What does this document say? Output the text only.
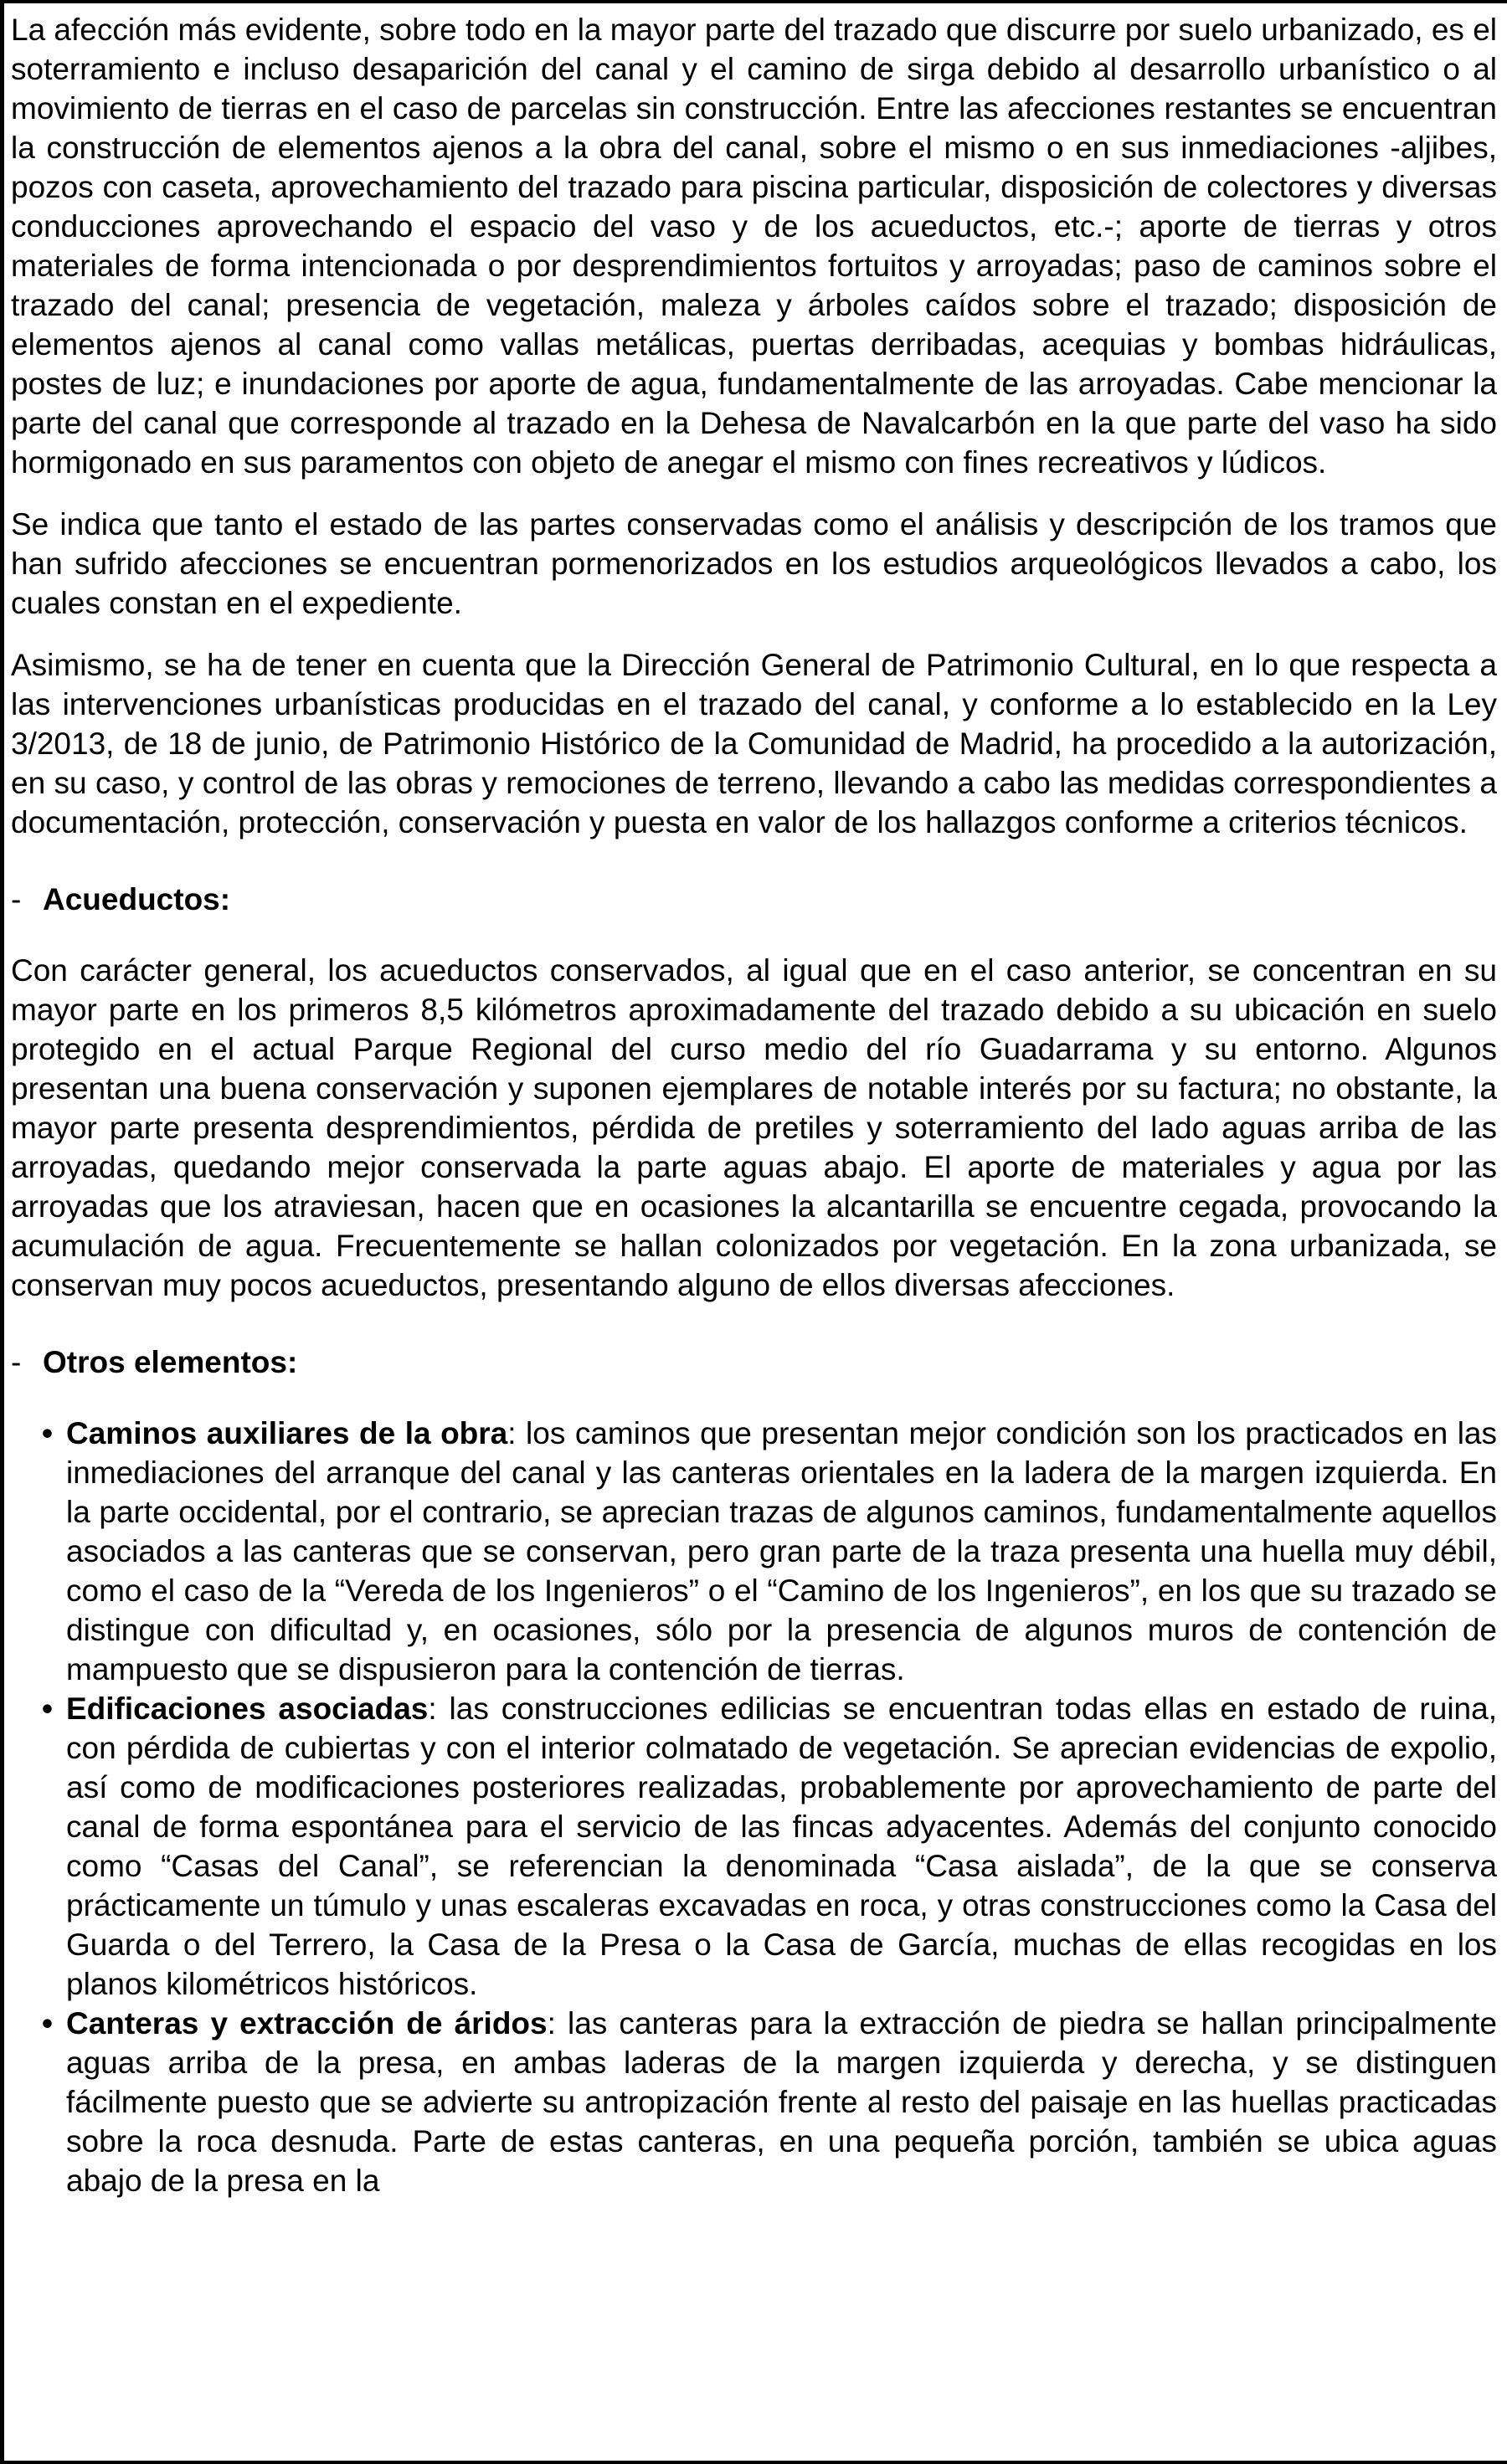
La afección más evidente, sobre todo en la mayor parte del trazado que discurre por suelo urbanizado, es el soterramiento e incluso desaparición del canal y el camino de sirga debido al desarrollo urbanístico o al movimiento de tierras en el caso de parcelas sin construcción. Entre las afecciones restantes se encuentran la construcción de elementos ajenos a la obra del canal, sobre el mismo o en sus inmediaciones -aljibes, pozos con caseta, aprovechamiento del trazado para piscina particular, disposición de colectores y diversas conducciones aprovechando el espacio del vaso y de los acueductos, etc.-; aporte de tierras y otros materiales de forma intencionada o por desprendimientos fortuitos y arroyadas; paso de caminos sobre el trazado del canal; presencia de vegetación, maleza y árboles caídos sobre el trazado; disposición de elementos ajenos al canal como vallas metálicas, puertas derribadas, acequias y bombas hidráulicas, postes de luz; e inundaciones por aporte de agua, fundamentalmente de las arroyadas. Cabe mencionar la parte del canal que corresponde al trazado en la Dehesa de Navalcarbón en la que parte del vaso ha sido hormigonado en sus paramentos con objeto de anegar el mismo con fines recreativos y lúdicos.

Se indica que tanto el estado de las partes conservadas como el análisis y descripción de los tramos que han sufrido afecciones se encuentran pormenorizados en los estudios arqueológicos llevados a cabo, los cuales constan en el expediente.

Asimismo, se ha de tener en cuenta que la Dirección General de Patrimonio Cultural, en lo que respecta a las intervenciones urbanísticas producidas en el trazado del canal, y conforme a lo establecido en la Ley 3/2013, de 18 de junio, de Patrimonio Histórico de la Comunidad de Madrid, ha procedido a la autorización, en su caso, y control de las obras y remociones de terreno, llevando a cabo las medidas correspondientes a documentación, protección, conservación y puesta en valor de los hallazgos conforme a criterios técnicos.

- Acueductos:

Con carácter general, los acueductos conservados, al igual que en el caso anterior, se concentran en su mayor parte en los primeros 8,5 kilómetros aproximadamente del trazado debido a su ubicación en suelo protegido en el actual Parque Regional del curso medio del río Guadarrama y su entorno. Algunos presentan una buena conservación y suponen ejemplares de notable interés por su factura; no obstante, la mayor parte presenta desprendimientos, pérdida de pretiles y soterramiento del lado aguas arriba de las arroyadas, quedando mejor conservada la parte aguas abajo. El aporte de materiales y agua por las arroyadas que los atraviesan, hacen que en ocasiones la alcantarilla se encuentre cegada, provocando la acumulación de agua. Frecuentemente se hallan colonizados por vegetación. En la zona urbanizada, se conservan muy pocos acueductos, presentando alguno de ellos diversas afecciones.

- Otros elementos:
• Caminos auxiliares de la obra: los caminos que presentan mejor condición son los practicados en las inmediaciones del arranque del canal y las canteras orientales en la ladera de la margen izquierda. En la parte occidental, por el contrario, se aprecian trazas de algunos caminos, fundamentalmente aquellos asociados a las canteras que se conservan, pero gran parte de la traza presenta una huella muy débil, como el caso de la “Vereda de los Ingenieros” o el “Camino de los Ingenieros”, en los que su trazado se distingue con dificultad y, en ocasiones, sólo por la presencia de algunos muros de contención de mampuesto que se dispusieron para la contención de tierras.
• Edificaciones asociadas: las construcciones edilicias se encuentran todas ellas en estado de ruina, con pérdida de cubiertas y con el interior colmatado de vegetación. Se aprecian evidencias de expolio, así como de modificaciones posteriores realizadas, probablemente por aprovechamiento de parte del canal de forma espontánea para el servicio de las fincas adyacentes. Además del conjunto conocido como “Casas del Canal”, se referencian la denominada “Casa aislada”, de la que se conserva prácticamente un túmulo y unas escaleras excavadas en roca, y otras construcciones como la Casa del Guarda o del Terrero, la Casa de la Presa o la Casa de García, muchas de ellas recogidas en los planos kilométricos históricos.
• Canteras y extracción de áridos: las canteras para la extracción de piedra se hallan principalmente aguas arriba de la presa, en ambas laderas de la margen izquierda y derecha, y se distinguen fácilmente puesto que se advierte su antropización frente al resto del paisaje en las huellas practicadas sobre la roca desnuda. Parte de estas canteras, en una pequeña porción, también se ubica aguas abajo de la presa en la
